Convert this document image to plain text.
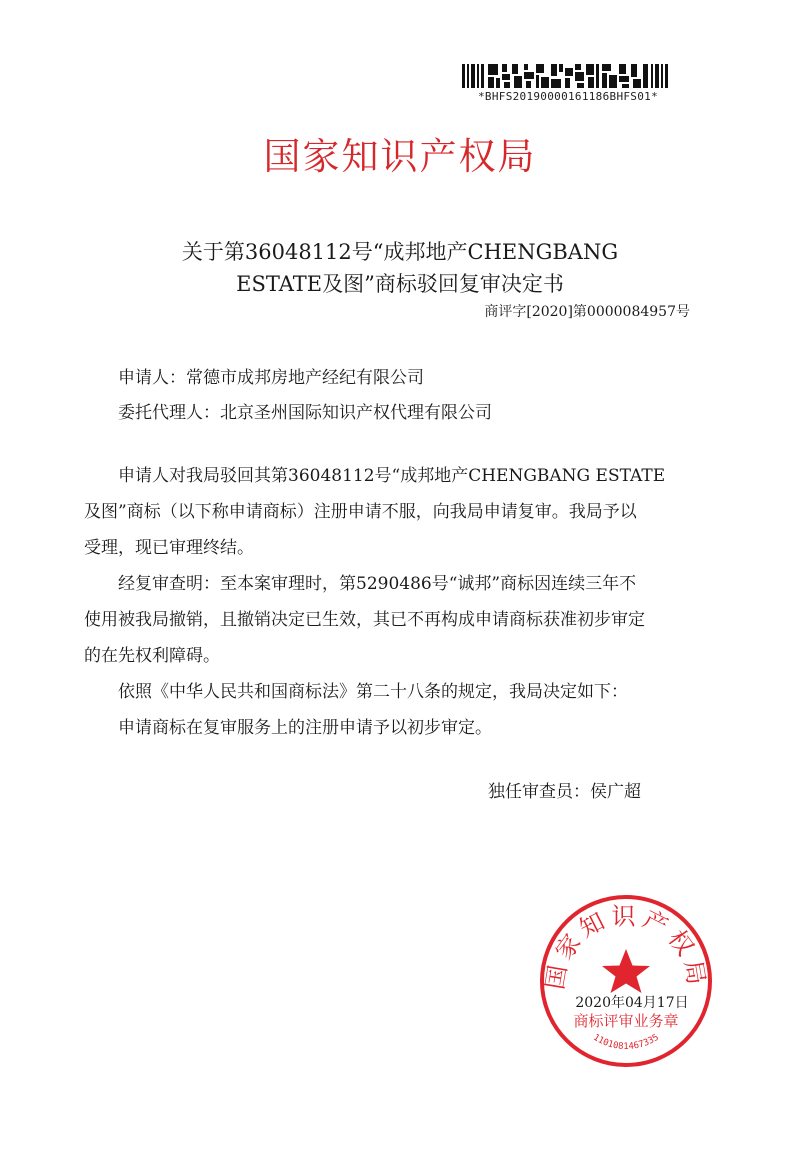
*BHFS20190000161186BHFS01*
国家知识产权局
关于第36048112号“成邦地产CHENGBANG
ESTATE及图”商标驳回复审决定书
商评字[2020]第0000084957号
申请人：常德市成邦房地产经纪有限公司
委托代理人：北京圣州国际知识产权代理有限公司
申请人对我局驳回其第36048112号“成邦地产CHENGBANG ESTATE
及图”商标（以下称申请商标）注册申请不服，向我局申请复审。我局予以
受理，现已审理终结。
经复审查明：至本案审理时，第5290486号“诚邦”商标因连续三年不
使用被我局撤销，且撤销决定已生效，其已不再构成申请商标获准初步审定
的在先权利障碍。
依照《中华人民共和国商标法》第二十八条的规定，我局决定如下：
申请商标在复审服务上的注册申请予以初步审定。
独任审查员：侯广超
国家知识产权局
2020年04月17日
商标评审业务章
1101081467335
